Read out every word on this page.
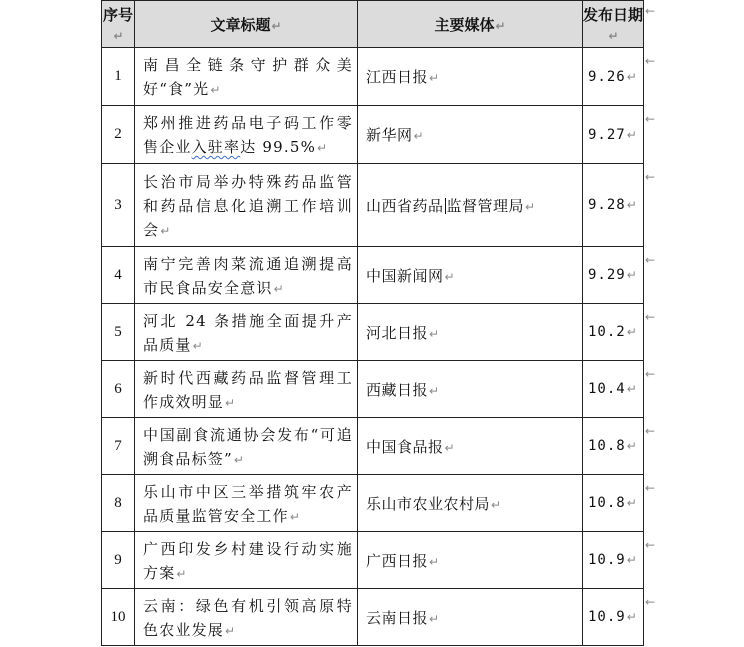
序号↵	文章标题↵	主要媒体↵	发布日期↵
1	南昌全链条守护群众美好“食”光↵	江西日报↵	9.26↵
2	郑州推进药品电子码工作零售企业入驻率达 99.5%↵	新华网↵	9.27↵
3	长治市局举办特殊药品监管和药品信息化追溯工作培训会↵	山西省药品 监督管理局↵	9.28↵
4	南宁完善肉菜流通追溯提高市民食品安全意识↵	中国新闻网↵	9.29↵
5	河北 24 条措施全面提升产品质量↵	河北日报↵	10.2↵
6	新时代西藏药品监督管理工作成效明显↵	西藏日报↵	10.4↵
7	中国副食流通协会发布“可追溯食品标签”↵	中国食品报↵	10.8↵
8	乐山市中区三举措筑牢农产品质量监管安全工作↵	乐山市农业农村局↵	10.8↵
9	广西印发乡村建设行动实施方案↵	广西日报↵	10.9↵
10	云南：绿色有机引领高原特色农业发展↵	云南日报↵	10.9↵
←
←
←
←
←
←
←
←
←
←
←
